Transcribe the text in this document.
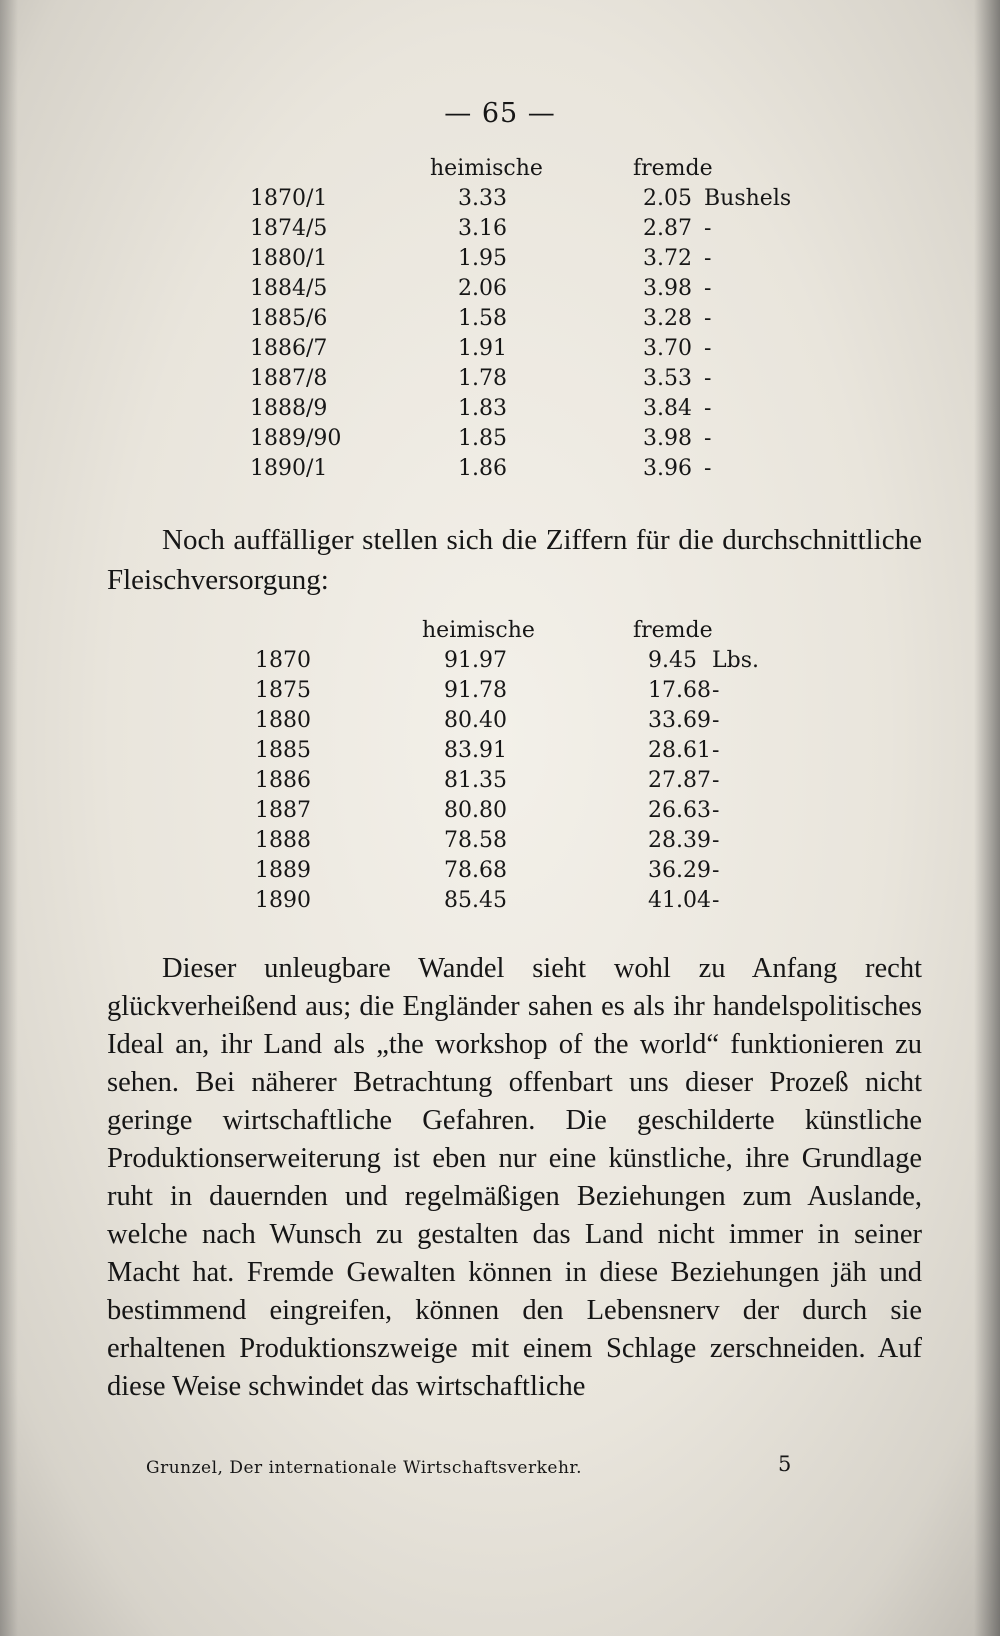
— 65 —
heimische	fremde
1870/1	3.33	2.05 Bushels
1874/5	3.16	2.87 -
1880/1	1.95	3.72 -
1884/5	2.06	3.98 -
1885/6	1.58	3.28 -
1886/7	1.91	3.70 -
1887/8	1.78	3.53 -
1888/9	1.83	3.84 -
1889/90	1.85	3.98 -
1890/1	1.86	3.96 -
Noch auffälliger stellen sich die Ziffern für die durchschnittliche Fleischversorgung:
heimische	fremde
1870	91.97	9.45 Lbs.
1875	91.78	17.68 -
1880	80.40	33.69 -
1885	83.91	28.61 -
1886	81.35	27.87 -
1887	80.80	26.63 -
1888	78.58	28.39 -
1889	78.68	36.29 -
1890	85.45	41.04 -
Dieser unleugbare Wandel sieht wohl zu Anfang recht glückverheißend aus; die Engländer sahen es als ihr handelspolitisches Ideal an, ihr Land als „the workshop of the world“ funktionieren zu sehen. Bei näherer Betrachtung offenbart uns dieser Prozeß nicht geringe wirtschaftliche Gefahren. Die geschilderte künstliche Produktionserweiterung ist eben nur eine künstliche, ihre Grundlage ruht in dauernden und regelmäßigen Beziehungen zum Auslande, welche nach Wunsch zu gestalten das Land nicht immer in seiner Macht hat. Fremde Gewalten können in diese Beziehungen jäh und bestimmend eingreifen, können den Lebensnerv der durch sie erhaltenen Produktionszweige mit einem Schlage zerschneiden. Auf diese Weise schwindet das wirtschaftliche
Grunzel, Der internationale Wirtschaftsverkehr.	5
